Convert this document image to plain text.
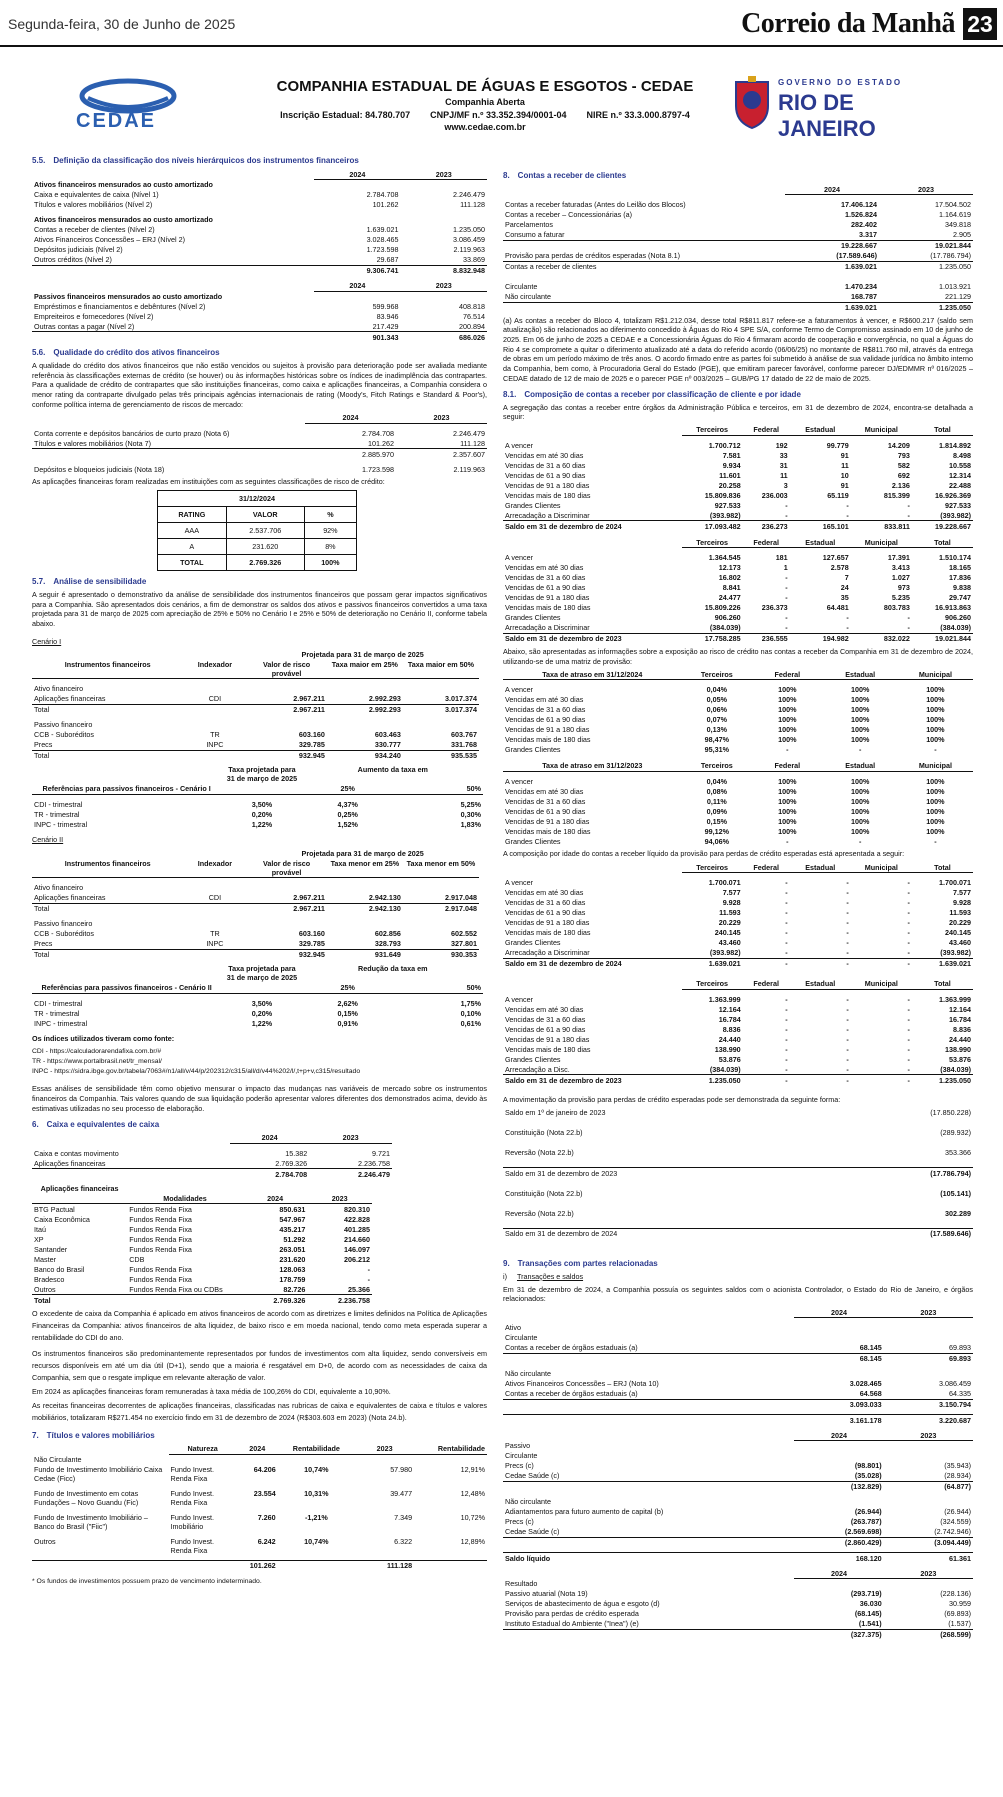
Segunda-feira, 30 de Junho de 2025	Correio da Manhã 23
CEDAE
COMPANHIA ESTADUAL DE ÁGUAS E ESGOTOS - CEDAE
Companhia Aberta
Inscrição Estadual: 84.780.707 CNPJ/MF n.º 33.352.394/0001-04 NIRE n.º 33.3.000.8797-4
www.cedae.com.br
GOVERNO DO ESTADO
RIO DE JANEIRO
5.5. Definição da classificação dos níveis hierárquicos dos instrumentos financeiros
	2024	2023
Ativos financeiros mensurados ao custo amortizado		
Caixa e equivalentes de caixa (Nível 1)	2.784.708	2.246.479
Títulos e valores mobiliários (Nível 2)	101.262	111.128

Ativos financeiros mensurados ao custo amortizado		
Contas a receber de clientes (Nível 2)	1.639.021	1.235.050
Ativos Financeiros Concessões – ERJ (Nível 2)	3.028.465	3.086.459
Depósitos judiciais (Nível 2)	1.723.598	2.119.963
Outros créditos (Nível 2)	29.687	33.869
	9.306.741	8.832.948

	2024	2023
Passivos financeiros mensurados ao custo amortizado		
Empréstimos e financiamentos e debêntures (Nível 2)	599.968	408.818
Empreiteiros e fornecedores (Nível 2)	83.946	76.514
Outras contas a pagar (Nível 2)	217.429	200.894
	901.343	686.026
5.6. Qualidade do crédito dos ativos financeiros
A qualidade do crédito dos ativos financeiros que não estão vencidos ou sujeitos à provisão para deterioração pode ser avaliada mediante referência às classificações externas de crédito (se houver) ou às informações históricas sobre os índices de inadimplência das contrapartes. Para a qualidade de crédito de contrapartes que são instituições financeiras, como caixa e aplicações financeiras, a Companhia considera o menor rating da contraparte divulgado pelas três principais agências internacionais de rating (Moody's, Fitch Ratings e Standard & Poor's), conforme política interna de gerenciamento de riscos de mercado:
	2024	2023

Conta corrente e depósitos bancários de curto prazo (Nota 6)	2.784.708	2.246.479
Títulos e valores mobiliários (Nota 7)	101.262	111.128
	2.885.970	2.357.607

Depósitos e bloqueios judiciais (Nota 18)	1.723.598	2.119.963
As aplicações financeiras foram realizadas em instituições com as seguintes classificações de risco de crédito:
31/12/2024		
RATING	VALOR	%
AAA	2.537.706	92%
A	231.620	8%
TOTAL	2.769.326	100%
5.7. Análise de sensibilidade
A seguir é apresentado o demonstrativo da análise de sensibilidade dos instrumentos financeiros que possam gerar impactos significativos para a Companhia. São apresentados dois cenários, a fim de demonstrar os saldos dos ativos e passivos financeiros convertidos a uma taxa projetada para 31 de março de 2025 com apreciação de 25% e 50% no Cenário I e 25% e 50% de deterioração no Cenário II, conforme tabela abaixo.
Cenário I
		Projetada para 31 de março de 2025				
Instrumentos financeiros	Indexador	Valor de risco provável	Taxa maior em 25%	Taxa maior em 50%		

Ativo financeiro						
Aplicações financeiras	CDI	2.967.211	2.992.293	3.017.374		
Total		2.967.211	2.992.293	3.017.374		

Passivo financeiro						
CCB - Suboréditos	TR	603.160	603.463	603.767		
Precs	INPC	329.785	330.777	331.768		
Total		932.945	934.240	935.535		
	Taxa projetada para 31 de março de 2025	Aumento da taxa em		
Referências para passivos financeiros - Cenário I		25%	50%	

CDI - trimestral	3,50%	4,37%	5,25%	
TR - trimestral	0,20%	0,25%	0,30%	
INPC - trimestral	1,22%	1,52%	1,83%	
Cenário II
		Projetada para 31 de março de 2025				
Instrumentos financeiros	Indexador	Valor de risco provável	Taxa menor em 25%	Taxa menor em 50%		

Ativo financeiro						
Aplicações financeiras	CDI	2.967.211	2.942.130	2.917.048		
Total		2.967.211	2.942.130	2.917.048		

Passivo financeiro						
CCB - Suboréditos	TR	603.160	602.856	602.552		
Precs	INPC	329.785	328.793	327.801		
Total		932.945	931.649	930.353		
	Taxa projetada para 31 de março de 2025	Redução da taxa em		
Referências para passivos financeiros - Cenário II		25%	50%	

CDI - trimestral	3,50%	2,62%	1,75%	
TR - trimestral	0,20%	0,15%	0,10%	
INPC - trimestral	1,22%	0,91%	0,61%	
Os índices utilizados tiveram como fonte:
CDI - https://calculadorarendafixa.com.br/#
TR - https://www.portalbrasil.net/tr_mensal/
INPC - https://sidra.ibge.gov.br/tabela/7063#/n1/all/v/44/p/202312/c315/all/d/v44%202/l/,t+p+v,c315/resultado
Essas análises de sensibilidade têm como objetivo mensurar o impacto das mudanças nas variáveis de mercado sobre os instrumentos financeiros da Companhia. Tais valores quando de sua liquidação poderão apresentar valores diferentes dos demonstrados acima, devido às estimativas utilizadas no seu processo de elaboração.
6. Caixa e equivalentes de caixa
	2024	2023

Caixa e contas movimento	15.382	9.721
Aplicações financeiras	2.769.326	2.236.758
	2.784.708	2.246.479
Aplicações financeiras			
	Modalidades	2024	2023
BTG Pactual	Fundos Renda Fixa	850.631	820.310
Caixa Econômica	Fundos Renda Fixa	547.967	422.828
Itaú	Fundos Renda Fixa	435.217	401.285
XP	Fundos Renda Fixa	51.292	214.660
Santander	Fundos Renda Fixa	263.051	146.097
Master	CDB	231.620	206.212
Banco do Brasil	Fundos Renda Fixa	128.063	-
Bradesco	Fundos Renda Fixa	178.759	-
Outros	Fundos Renda Fixa ou CDBs	82.726	25.366
Total		2.769.326	2.236.758
O excedente de caixa da Companhia é aplicado em ativos financeiros de acordo com as diretrizes e limites definidos na Política de Aplicações Financeiras da Companhia: ativos financeiros de alta liquidez, de baixo risco e em moeda nacional, tendo como meta esperada superar a rentabilidade do CDI do ano.
Os instrumentos financeiros são predominantemente representados por fundos de investimentos com alta liquidez, sendo conversíveis em recursos disponíveis em até um dia útil (D+1), sendo que a maioria é resgatável em D+0, de acordo com as necessidades de caixa da Companhia, sem que o resgate implique em relevante alteração de valor.
Em 2024 as aplicações financeiras foram remuneradas à taxa média de 100,26% do CDI, equivalente a 10,90%.
As receitas financeiras decorrentes de aplicações financeiras, classificadas nas rubricas de caixa e equivalentes de caixa e títulos e valores mobiliários, totalizaram R$271.454 no exercício findo em 31 de dezembro de 2024 (R$303.603 em 2023) (Nota 24.b).
7. Títulos e valores mobiliários
	Natureza	2024	Rentabilidade	2023	Rentabilidade
Não Circulante					
Fundo de Investimento Imobiliário Caixa Cedae (Ficc)	Fundo Invest. Renda Fixa	64.206	10,74%	57.980	12,91%

Fundo de Investimento em cotas Fundações – Novo Guandu (Fic)	Fundo Invest. Renda Fixa	23.554	10,31%	39.477	12,48%

Fundo de Investimento Imobiliário – Banco do Brasil ("Fiic")	Fundo Invest. Imobiliário	7.260	-1,21%	7.349	10,72%

Outros	Fundo Invest. Renda Fixa	6.242	10,74%	6.322	12,89%

		101.262		111.128	
* Os fundos de investimentos possuem prazo de vencimento indeterminado.
8. Contas a receber de clientes
	2024	2023

Contas a receber faturadas (Antes do Leilão dos Blocos)	17.406.124	17.504.502
Contas a receber – Concessionárias (a)	1.526.824	1.164.619
Parcelamentos	282.402	349.818
Consumo a faturar	3.317	2.905
	19.228.667	19.021.844
Provisão para perdas de créditos esperadas (Nota 8.1)	(17.589.646)	(17.786.794)
Contas a receber de clientes	1.639.021	1.235.050

Circulante	1.470.234	1.013.921
Não circulante	168.787	221.129
	1.639.021	1.235.050
(a) As contas a receber do Bloco 4, totalizam R$1.212.034, desse total R$811.817 refere-se a faturamentos à vencer, e R$600.217 (saldo sem atualização) são relacionados ao diferimento concedido à Águas do Rio 4 SPE S/A, conforme Termo de Compromisso assinado em 10 de junho de 2025. Em 06 de junho de 2025 a CEDAE e a Concessionária Águas do Rio 4 firmaram acordo de cooperação e convergência, no qual a Águas do Rio 4 se compromete a quitar o diferimento atualizado até a data do referido acordo (06/06/25) no montante de R$811.760 mil, através da entrega de obras em um período máximo de três anos. O acordo firmado entre as partes foi submetido à análise de sua validade jurídica no âmbito interno da Companhia, bem como, à Procuradoria Geral do Estado (PGE), que emitiram parecer favorável, conforme parecer DJ/EDMMR nº 016/2025 – CEDAE datado de 12 de maio de 2025 e o parecer PGE nº 003/2025 – GUB/PG 17 datado de 22 de maio de 2025.
8.1. Composição de contas a receber por classificação de cliente e por idade
A segregação das contas a receber entre órgãos da Administração Pública e terceiros, em 31 de dezembro de 2024, encontra-se detalhada a seguir:
	Terceiros	Federal	Estadual	Municipal	Total

A vencer	1.700.712	192	99.779	14.209	1.814.892
Vencidas em até 30 dias	7.581	33	91	793	8.498
Vencidas de 31 a 60 dias	9.934	31	11	582	10.558
Vencidas de 61 a 90 dias	11.601	11	10	692	12.314
Vencidas de 91 a 180 dias	20.258	3	91	2.136	22.488
Vencidas mais de 180 dias	15.809.836	236.003	65.119	815.399	16.926.369
Grandes Clientes	927.533	-	-	-	927.533
Arrecadação a Discriminar	(393.982)	-	-	-	(393.982)
Saldo em 31 de dezembro de 2024	17.093.482	236.273	165.101	833.811	19.228.667
	Terceiros	Federal	Estadual	Municipal	Total

A vencer	1.364.545	181	127.657	17.391	1.510.174
Vencidas em até 30 dias	12.173	1	2.578	3.413	18.165
Vencidas de 31 a 60 dias	16.802	-	7	1.027	17.836
Vencidas de 61 a 90 dias	8.841	-	24	973	9.838
Vencidas de 91 a 180 dias	24.477	-	35	5.235	29.747
Vencidas mais de 180 dias	15.809.226	236.373	64.481	803.783	16.913.863
Grandes Clientes	906.260	-	-	-	906.260
Arrecadação a Discriminar	(384.039)	-	-	-	(384.039)
Saldo em 31 de dezembro de 2023	17.758.285	236.555	194.982	832.022	19.021.844
Abaixo, são apresentadas as informações sobre a exposição ao risco de crédito nas contas a receber da Companhia em 31 de dezembro de 2024, utilizando-se de uma matriz de provisão:
Taxa de atraso em 31/12/2024	Terceiros	Federal	Estadual	Municipal

A vencer	0,04%	100%	100%	100%
Vencidas em até 30 dias	0,05%	100%	100%	100%
Vencidas de 31 a 60 dias	0,06%	100%	100%	100%
Vencidas de 61 a 90 dias	0,07%	100%	100%	100%
Vencidas de 91 a 180 dias	0,13%	100%	100%	100%
Vencidas mais de 180 dias	98,47%	100%	100%	100%
Grandes Clientes	95,31%	-	-	-
Taxa de atraso em 31/12/2023	Terceiros	Federal	Estadual	Municipal

A vencer	0,04%	100%	100%	100%
Vencidas em até 30 dias	0,08%	100%	100%	100%
Vencidas de 31 a 60 dias	0,11%	100%	100%	100%
Vencidas de 61 a 90 dias	0,09%	100%	100%	100%
Vencidas de 91 a 180 dias	0,15%	100%	100%	100%
Vencidas mais de 180 dias	99,12%	100%	100%	100%
Grandes Clientes	94,06%	-	-	-
A composição por idade do contas a receber líquido da provisão para perdas de crédito esperadas está apresentada a seguir:
	Terceiros	Federal	Estadual	Municipal	Total

A vencer	1.700.071	-	-	-	1.700.071
Vencidas em até 30 dias	7.577	-	-	-	7.577
Vencidas de 31 a 60 dias	9.928	-	-	-	9.928
Vencidas de 61 a 90 dias	11.593	-	-	-	11.593
Vencidas de 91 a 180 dias	20.229	-	-	-	20.229
Vencidas mais de 180 dias	240.145	-	-	-	240.145
Grandes Clientes	43.460	-	-	-	43.460
Arrecadação a Discriminar	(393.982)	-	-	-	(393.982)
Saldo em 31 de dezembro de 2024	1.639.021	-	-	-	1.639.021
	Terceiros	Federal	Estadual	Municipal	Total

A vencer	1.363.999	-	-	-	1.363.999
Vencidas em até 30 dias	12.164	-	-	-	12.164
Vencidas de 31 a 60 dias	16.784	-	-	-	16.784
Vencidas de 61 a 90 dias	8.836	-	-	-	8.836
Vencidas de 91 a 180 dias	24.440	-	-	-	24.440
Vencidas mais de 180 dias	138.990	-	-	-	138.990
Grandes Clientes	53.876	-	-	-	53.876
Arrecadação a Disc.	(384.039)	-	-	-	(384.039)
Saldo em 31 de dezembro de 2023	1.235.050	-	-	-	1.235.050
A movimentação da provisão para perdas de crédito esperadas pode ser demonstrada da seguinte forma:
Saldo em 1º de janeiro de 2023	(17.850.228)

Constituição (Nota 22.b)	(289.932)

Reversão (Nota 22.b)	353.366

Saldo em 31 de dezembro de 2023	(17.786.794)

Constituição (Nota 22.b)	(105.141)

Reversão (Nota 22.b)	302.289

Saldo em 31 de dezembro de 2024	(17.589.646)

9. Transações com partes relacionadas
i) Transações e saldos
Em 31 de dezembro de 2024, a Companhia possuía os seguintes saldos com o acionista Controlador, o Estado do Rio de Janeiro, e órgãos relacionados:
	2024	2023

Ativo		
Circulante		
Contas a receber de órgãos estaduais (a)	68.145	69.893
	68.145	69.893

Não circulante		
Ativos Financeiros Concessões – ERJ (Nota 10)	3.028.465	3.086.459
Contas a receber de órgãos estaduais (a)	64.568	64.335
	3.093.033	3.150.794

	3.161.178	3.220.687

	2024	2023
Passivo		
Circulante		
Precs (c)	(98.801)	(35.943)
Cedae Saúde (c)	(35.028)	(28.934)
	(132.829)	(64.877)

Não circulante		
Adiantamentos para futuro aumento de capital (b)	(26.944)	(26.944)
Precs (c)	(263.787)	(324.559)
Cedae Saúde (c)	(2.569.698)	(2.742.946)
	(2.860.429)	(3.094.449)

Saldo líquido	168.120	61.361

	2024	2023
Resultado		
Passivo atuarial (Nota 19)	(293.719)	(228.136)
Serviços de abastecimento de água e esgoto (d)	36.030	30.959
Provisão para perdas de crédito esperada	(68.145)	(69.893)
Instituto Estadual do Ambiente ("Inea") (e)	(1.541)	(1.537)
	(327.375)	(268.599)
